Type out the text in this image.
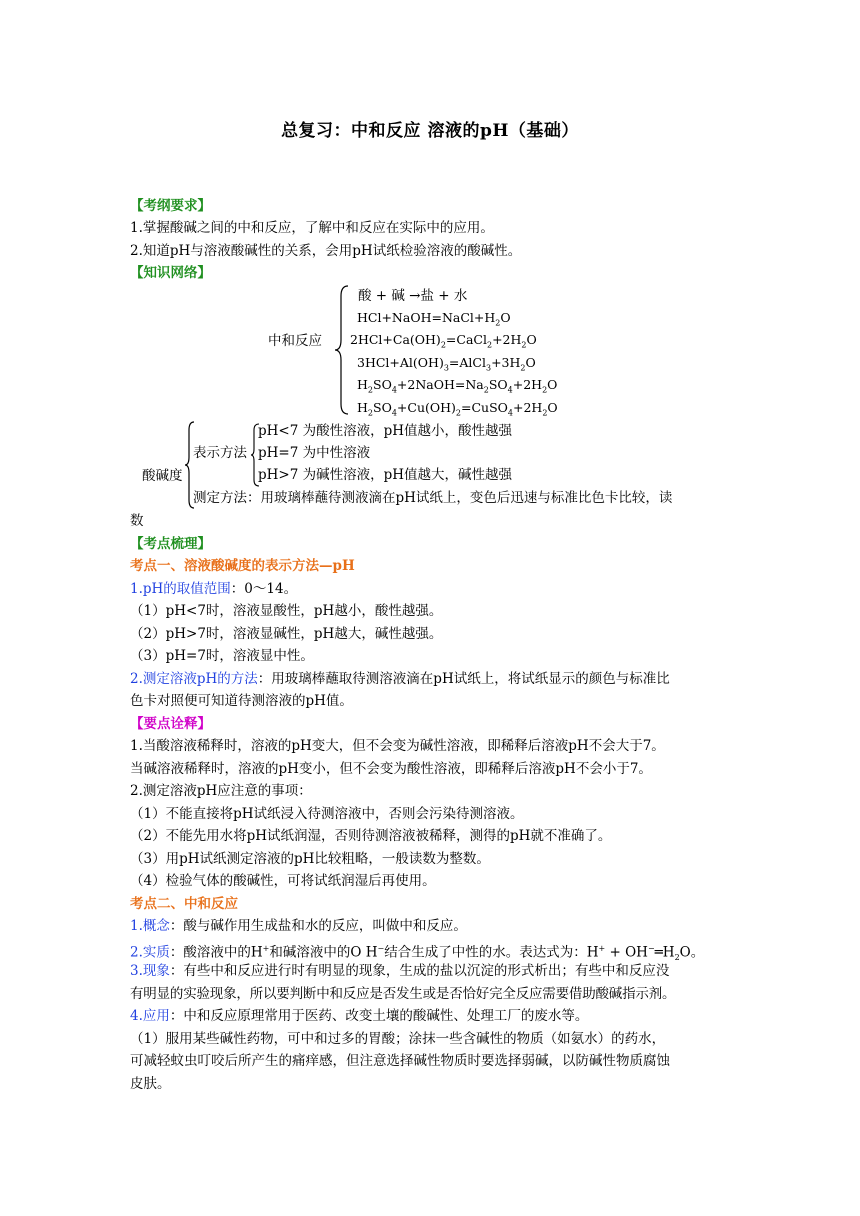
总复习：中和反应 溶液的pH（基础）
【考纲要求】
1.掌握酸碱之间的中和反应，了解中和反应在实际中的应用。
2.知道pH与溶液酸碱性的关系，会用pH试纸检验溶液的酸碱性。
【知识网络】
中和反应
酸 + 碱 →盐 + 水
$HCl+NaOH=NaCl+H_2O$
$2HCl+Ca(OH)_2=CaCl_2+2H_2O$
$3HCl+Al(OH)_3=AlCl_3+3H_2O$
$H_2SO_4+2NaOH=Na_2SO_4+2H_2O$
$H_2SO_4+Cu(OH)_2=CuSO_4+2H_2O$
酸碱度
表示方法
pH<7 为酸性溶液，pH值越小，酸性越强
pH=7 为中性溶液
pH>7 为碱性溶液，pH值越大，碱性越强
测定方法：用玻璃棒蘸待测液滴在pH试纸上，变色后迅速与标准比色卡比较，读
数
【考点梳理】
考点一、溶液酸碱度的表示方法—pH
1.pH的取值范围：0～14。
（1）pH<7时，溶液显酸性，pH越小，酸性越强。
（2）pH>7时，溶液显碱性，pH越大，碱性越强。
（3）pH=7时，溶液显中性。
2.测定溶液pH的方法：用玻璃棒蘸取待测溶液滴在pH试纸上，将试纸显示的颜色与标准比
色卡对照便可知道待测溶液的pH值。
【要点诠释】
1.当酸溶液稀释时，溶液的pH变大，但不会变为碱性溶液，即稀释后溶液pH不会大于7。
当碱溶液稀释时，溶液的pH变小，但不会变为酸性溶液，即稀释后溶液pH不会小于7。
2.测定溶液pH应注意的事项：
（1）不能直接将pH试纸浸入待测溶液中，否则会污染待测溶液。
（2）不能先用水将pH试纸润湿，否则待测溶液被稀释，测得的pH就不准确了。
（3）用pH试纸测定溶液的pH比较粗略，一般读数为整数。
（4）检验气体的酸碱性，可将试纸润湿后再使用。
考点二、中和反应
1.概念：酸与碱作用生成盐和水的反应，叫做中和反应。
2.实质：酸溶液中的H+和碱溶液中的O H−结合生成了中性的水。表达式为：$H^+ + OH^-═H_2O$。
3.现象：有些中和反应进行时有明显的现象，生成的盐以沉淀的形式析出；有些中和反应没
有明显的实验现象，所以要判断中和反应是否发生或是否恰好完全反应需要借助酸碱指示剂。
4.应用：中和反应原理常用于医药、改变土壤的酸碱性、处理工厂的废水等。
（1）服用某些碱性药物，可中和过多的胃酸；涂抹一些含碱性的物质（如氨水）的药水，
可减轻蚊虫叮咬后所产生的痛痒感，但注意选择碱性物质时要选择弱碱，以防碱性物质腐蚀
皮肤。
